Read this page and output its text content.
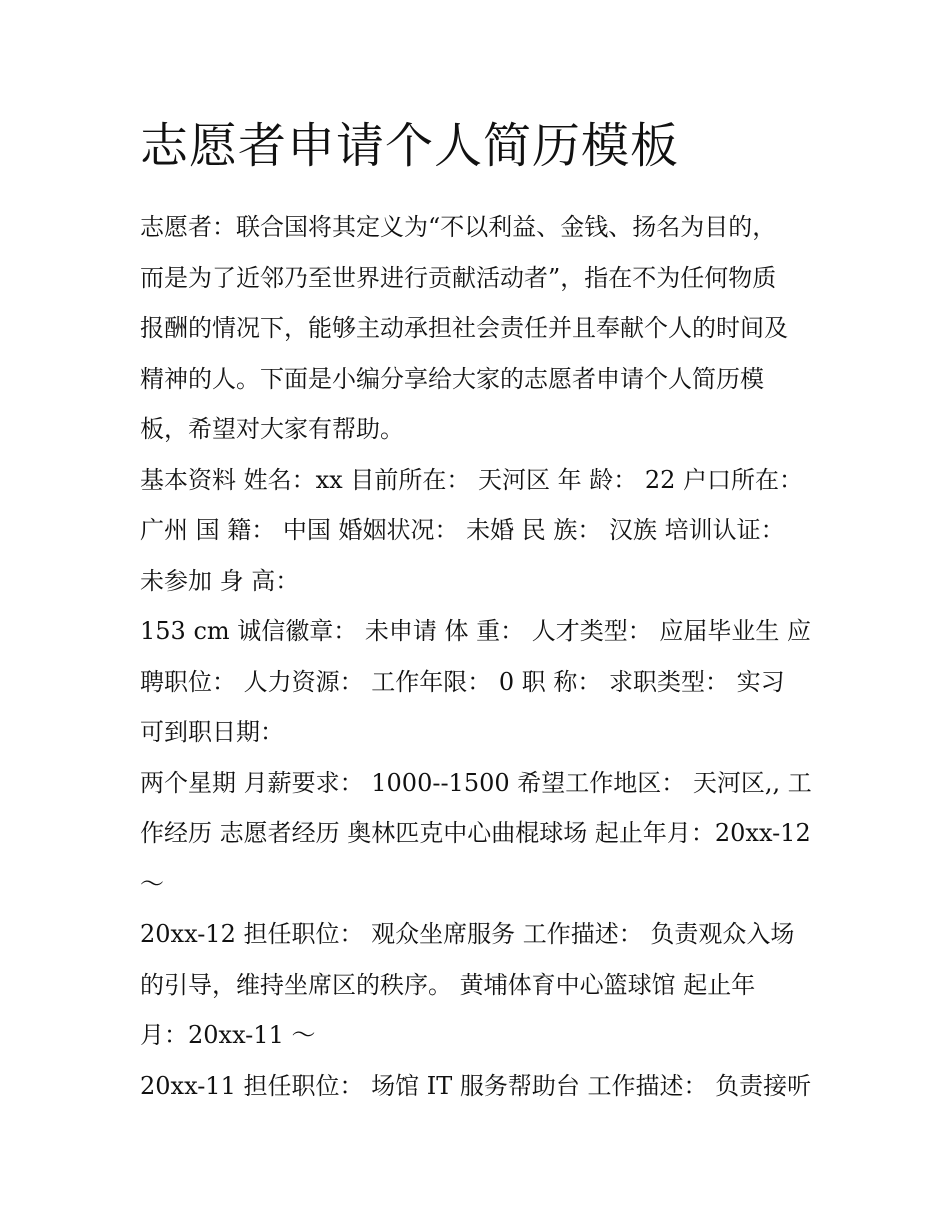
志愿者申请个人简历模板
志愿者：联合国将其定义为“不以利益、金钱、扬名为目的，
而是为了近邻乃至世界进行贡献活动者”，指在不为任何物质
报酬的情况下，能够主动承担社会责任并且奉献个人的时间及
精神的人。下面是小编分享给大家的志愿者申请个人简历模
板，希望对大家有帮助。
基本资料 姓名：xx 目前所在： 天河区 年 龄： 22 户口所在：
广州 国 籍： 中国 婚姻状况： 未婚 民 族： 汉族 培训认证：
未参加 身 高：
153 cm 诚信徽章： 未申请 体 重： 人才类型： 应届毕业生 应
聘职位： 人力资源： 工作年限： 0 职 称： 求职类型： 实习
可到职日期：
两个星期 月薪要求： 1000--1500 希望工作地区： 天河区,, 工
作经历 志愿者经历 奥林匹克中心曲棍球场 起止年月：20xx-12
～
20xx-12 担任职位： 观众坐席服务 工作描述： 负责观众入场
的引导，维持坐席区的秩序。 黄埔体育中心篮球馆 起止年
月：20xx-11 ～
20xx-11 担任职位： 场馆 IT 服务帮助台 工作描述： 负责接听
